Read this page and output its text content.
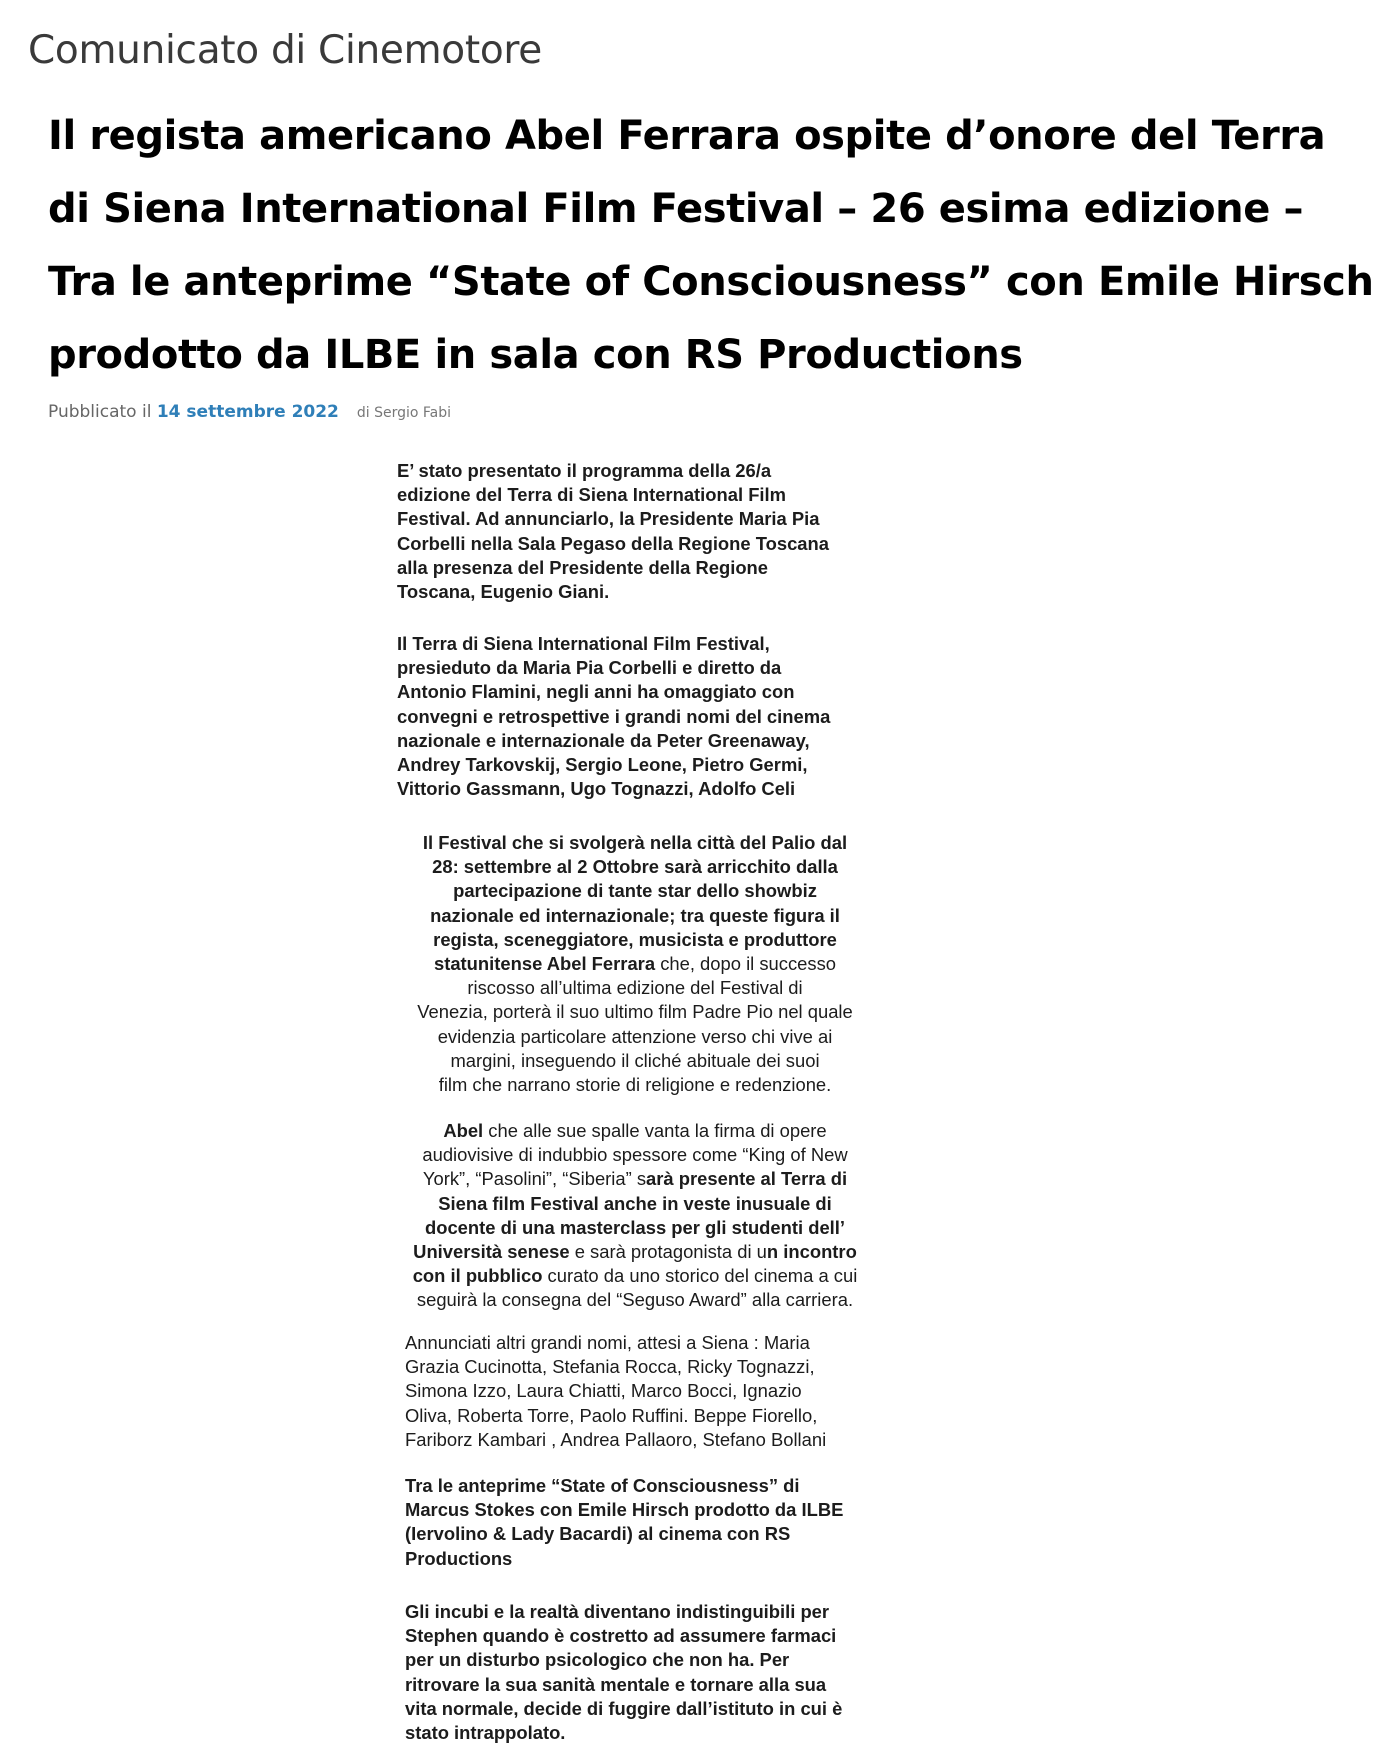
Comunicato di Cinemotore
Il regista americano Abel Ferrara ospite d’onore del Terra
di Siena International Film Festival – 26 esima edizione –
Tra le anteprime “State of Consciousness” con Emile Hirsch
prodotto da ILBE in sala con RS Productions
Pubblicato il 14 settembre 2022 di Sergio Fabi
E’ stato presentato il programma della 26/a
edizione del Terra di Siena International Film
Festival. Ad annunciarlo, la Presidente Maria Pia
Corbelli nella Sala Pegaso della Regione Toscana
alla presenza del Presidente della Regione
Toscana, Eugenio Giani.
Il Terra di Siena International Film Festival,
presieduto da Maria Pia Corbelli e diretto da
Antonio Flamini, negli anni ha omaggiato con
convegni e retrospettive i grandi nomi del cinema
nazionale e internazionale da Peter Greenaway,
Andrey Tarkovskij, Sergio Leone, Pietro Germi,
Vittorio Gassmann, Ugo Tognazzi, Adolfo Celi
Il Festival che si svolgerà nella città del Palio dal
28: settembre al 2 Ottobre sarà arricchito dalla
partecipazione di tante star dello showbiz
nazionale ed internazionale; tra queste figura il
regista, sceneggiatore, musicista e produttore
statunitense Abel Ferrara che, dopo il successo
riscosso all’ultima edizione del Festival di
Venezia, porterà il suo ultimo film Padre Pio nel quale
evidenzia particolare attenzione verso chi vive ai
margini, inseguendo il cliché abituale dei suoi
film che narrano storie di religione e redenzione.
Abel che alle sue spalle vanta la firma di opere
audiovisive di indubbio spessore come “King of New
York”, “Pasolini”, “Siberia” sarà presente al Terra di
Siena film Festival anche in veste inusuale di
docente di una masterclass per gli studenti dell’
Università senese e sarà protagonista di un incontro
con il pubblico curato da uno storico del cinema a cui
seguirà la consegna del “Seguso Award” alla carriera.
Annunciati altri grandi nomi, attesi a Siena : Maria
Grazia Cucinotta, Stefania Rocca, Ricky Tognazzi,
Simona Izzo, Laura Chiatti, Marco Bocci, Ignazio
Oliva, Roberta Torre, Paolo Ruffini. Beppe Fiorello,
Fariborz Kambari , Andrea Pallaoro, Stefano Bollani
Tra le anteprime “State of Consciousness” di
Marcus Stokes con Emile Hirsch prodotto da ILBE
(Iervolino & Lady Bacardi) al cinema con RS
Productions
Gli incubi e la realtà diventano indistinguibili per
Stephen quando è costretto ad assumere farmaci
per un disturbo psicologico che non ha. Per
ritrovare la sua sanità mentale e tornare alla sua
vita normale, decide di fuggire dall’istituto in cui è
stato intrappolato.
